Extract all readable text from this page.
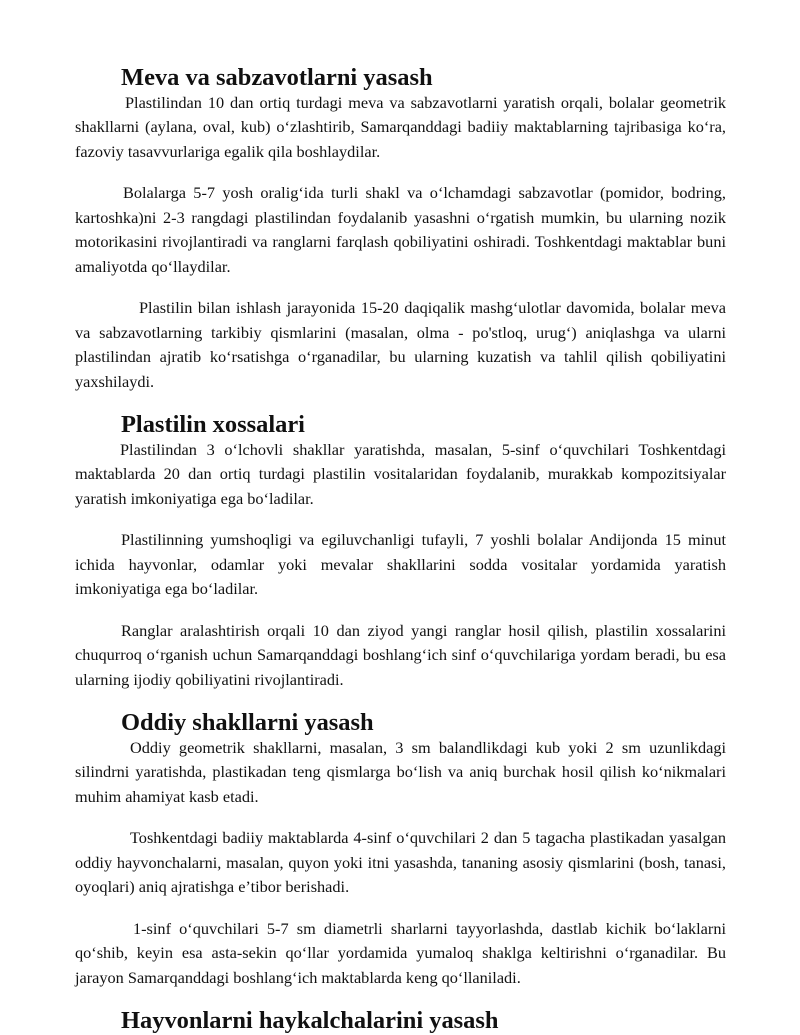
Meva va sabzavotlarni yasash

Plastilindan 10 dan ortiq turdagi meva va sabzavotlarni yaratish orqali, bolalar geometrik shakllarni (aylana, oval, kub) o‘zlashtirib, Samarqanddagi badiiy maktablarning tajribasiga ko‘ra, fazoviy tasavvurlariga egalik qila boshlaydilar.

Bolalarga 5-7 yosh oralig‘ida turli shakl va o‘lchamdagi sabzavotlar (pomidor, bodring, kartoshka)ni 2-3 rangdagi plastilindan foydalanib yasashni o‘rgatish mumkin, bu ularning nozik motorikasini rivojlantiradi va ranglarni farqlash qobiliyatini oshiradi. Toshkentdagi maktablar buni amaliyotda qo‘llaydilar.

Plastilin bilan ishlash jarayonida 15-20 daqiqalik mashg‘ulotlar davomida, bolalar meva va sabzavotlarning tarkibiy qismlarini (masalan, olma - po'stloq, urug‘) aniqlashga va ularni plastilindan ajratib ko‘rsatishga o‘rganadilar, bu ularning kuzatish va tahlil qilish qobiliyatini yaxshilaydi.

Plastilin xossalari

Plastilindan 3 o‘lchovli shakllar yaratishda, masalan, 5-sinf o‘quvchilari Toshkentdagi maktablarda 20 dan ortiq turdagi plastilin vositalaridan foydalanib, murakkab kompozitsiyalar yaratish imkoniyatiga ega bo‘ladilar.

Plastilinning yumshoqligi va egiluvchanligi tufayli, 7 yoshli bolalar Andijonda 15 minut ichida hayvonlar, odamlar yoki mevalar shakllarini sodda vositalar yordamida yaratish imkoniyatiga ega bo‘ladilar.

Ranglar aralashtirish orqali 10 dan ziyod yangi ranglar hosil qilish, plastilin xossalarini chuqurroq o‘rganish uchun Samarqanddagi boshlang‘ich sinf o‘quvchilariga yordam beradi, bu esa ularning ijodiy qobiliyatini rivojlantiradi.

Oddiy shakllarni yasash

Oddiy geometrik shakllarni, masalan, 3 sm balandlikdagi kub yoki 2 sm uzunlikdagi silindrni yaratishda, plastikadan teng qismlarga bo‘lish va aniq burchak hosil qilish ko‘nikmalari muhim ahamiyat kasb etadi.

Toshkentdagi badiiy maktablarda 4-sinf o‘quvchilari 2 dan 5 tagacha plastikadan yasalgan oddiy hayvonchalarni, masalan, quyon yoki itni yasashda, tananing asosiy qismlarini (bosh, tanasi, oyoqlari) aniq ajratishga e’tibor berishadi.

1-sinf o‘quvchilari 5-7 sm diametrli sharlarni tayyorlashda, dastlab kichik bo‘laklarni qo‘shib, keyin esa asta-sekin qo‘llar yordamida yumaloq shaklga keltirishni o‘rganadilar. Bu jarayon Samarqanddagi boshlang‘ich maktablarda keng qo‘llaniladi.

Hayvonlarni haykalchalarini yasash
